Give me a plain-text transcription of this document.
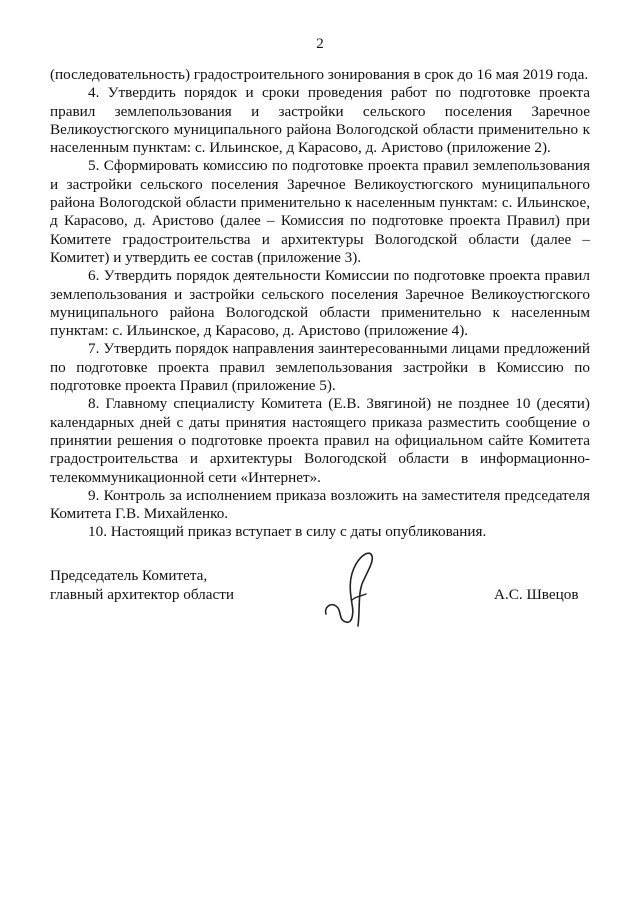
2

(последовательность) градостроительного зонирования в срок до 16 мая 2019 года.

4. Утвердить порядок и сроки проведения работ по подготовке проекта правил землепользования и застройки сельского поселения Заречное Великоустюгского муниципального района Вологодской области применительно к населенным пунктам: с. Ильинское, д Карасово, д. Аристово (приложение 2).

5. Сформировать комиссию по подготовке проекта правил землепользования и застройки сельского поселения Заречное Великоустюгского муниципального района Вологодской области применительно к населенным пунктам: с. Ильинское, д Карасово, д. Аристово (далее – Комиссия по подготовке проекта Правил) при Комитете градостроительства и архитектуры Вологодской области (далее – Комитет) и утвердить ее состав (приложение 3).

6. Утвердить порядок деятельности Комиссии по подготовке проекта правил землепользования и застройки сельского поселения Заречное Великоустюгского муниципального района Вологодской области применительно к населенным пунктам: с. Ильинское, д Карасово, д. Аристово (приложение 4).

7. Утвердить порядок направления заинтересованными лицами предложений по подготовке проекта правил землепользования застройки в Комиссию по подготовке проекта Правил (приложение 5).

8. Главному специалисту Комитета (Е.В. Звягиной) не позднее 10 (десяти) календарных дней с даты принятия настоящего приказа разместить сообщение о принятии решения о подготовке проекта правил на официальном сайте Комитета градостроительства и архитектуры Вологодской области в информационно-телекоммуникационной сети «Интернет».

9. Контроль за исполнением приказа возложить на заместителя председателя Комитета Г.В. Михайленко.

10. Настоящий приказ вступает в силу с даты опубликования.

Председатель Комитета,
главный архитектор области	А.С. Швецов
